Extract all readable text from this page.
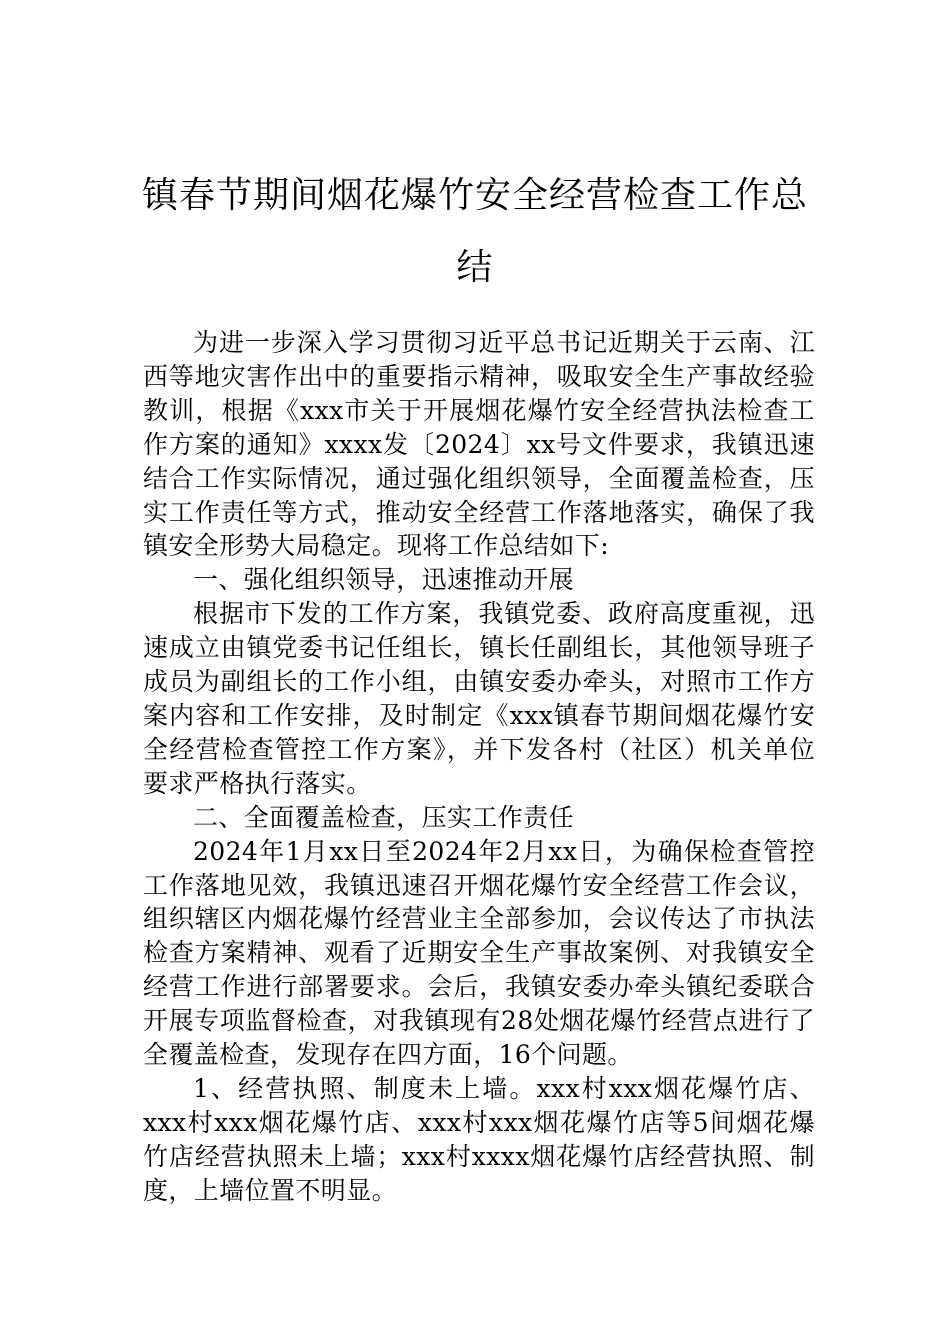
镇春节期间烟花爆竹安全经营检查工作总结

为进一步深入学习贯彻习近平总书记近期关于云南、江西等地灾害作出中的重要指示精神，吸取安全生产事故经验教训，根据《xxx市关于开展烟花爆竹安全经营执法检查工作方案的通知》xxxx发〔2024〕xx号文件要求，我镇迅速结合工作实际情况，通过强化组织领导，全面覆盖检查，压实工作责任等方式，推动安全经营工作落地落实，确保了我镇安全形势大局稳定。现将工作总结如下:

一、强化组织领导，迅速推动开展

根据市下发的工作方案，我镇党委、政府高度重视，迅速成立由镇党委书记任组长，镇长任副组长，其他领导班子成员为副组长的工作小组，由镇安委办牵头，对照市工作方案内容和工作安排，及时制定《xxx镇春节期间烟花爆竹安全经营检查管控工作方案》，并下发各村（社区）机关单位要求严格执行落实。

二、全面覆盖检查，压实工作责任

2024年1月xx日至2024年2月xx日，为确保检查管控工作落地见效，我镇迅速召开烟花爆竹安全经营工作会议，组织辖区内烟花爆竹经营业主全部参加，会议传达了市执法检查方案精神、观看了近期安全生产事故案例、对我镇安全经营工作进行部署要求。会后，我镇安委办牵头镇纪委联合开展专项监督检查，对我镇现有28处烟花爆竹经营点进行了全覆盖检查，发现存在四方面，16个问题。

1、经营执照、制度未上墙。xxx村xxx烟花爆竹店、xxx村xxx烟花爆竹店、xxx村xxx烟花爆竹店等5间烟花爆竹店经营执照未上墙；xxx村xxxx烟花爆竹店经营执照、制度，上墙位置不明显。
